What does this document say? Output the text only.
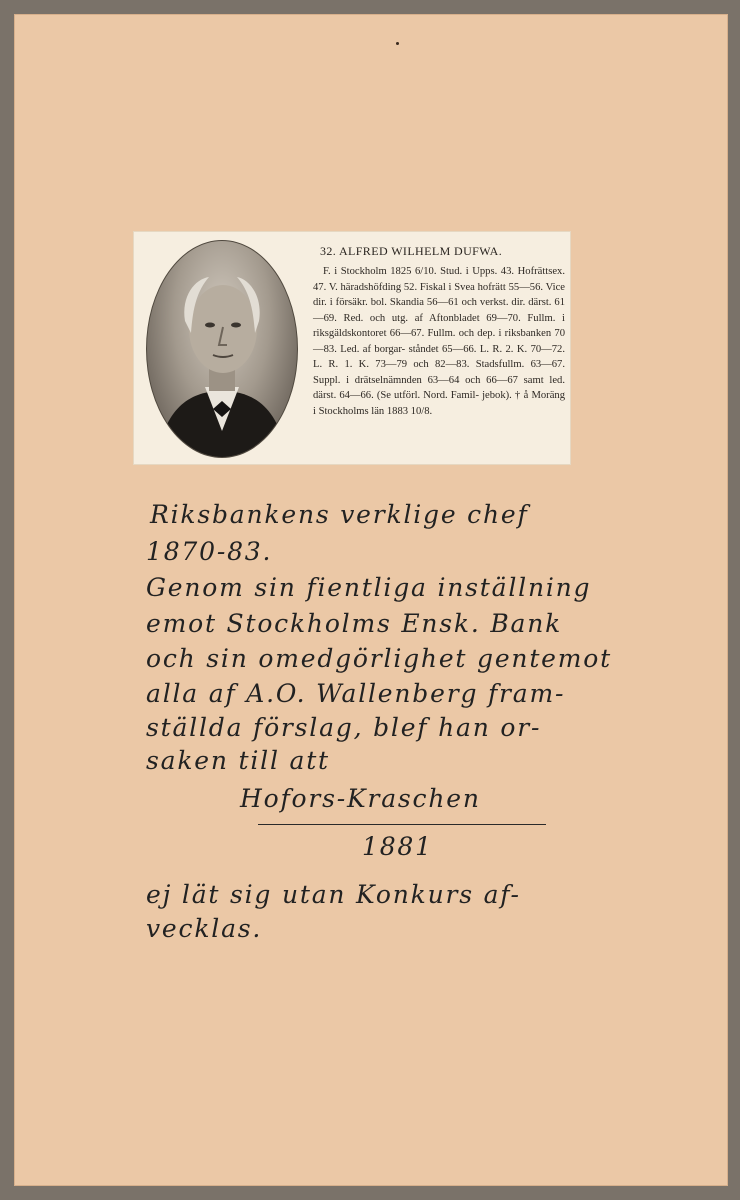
32. ALFRED WILHELM DUFWA.
F. i Stockholm 1825 6/10. Stud. i Upps. 43. Hofrättsex. 47. V. häradshöfding 52. Fiskal i Svea hofrätt 55—56. Vice dir. i försäkr. bol. Skandia 56—61 och verkst. dir. därst. 61—69. Red. och utg. af Aftonbladet 69—70. Fullm. i riksgäldskontoret 66—67. Fullm. och dep. i riksbanken 70—83. Led. af borgar- ståndet 65—66. L. R. 2. K. 70—72. L. R. 1. K. 73—79 och 82—83. Stadsfullm. 63—67. Suppl. i drätselnämnden 63—64 och 66—67 samt led. därst. 64—66. (Se utförl. Nord. Famil- jebok). † å Moräng i Stockholms län 1883 10/8.
Riksbankens verklige chef
1870-83.
Genom sin fientliga inställning
emot Stockholms Ensk. Bank
och sin omedgörlighet gentemot
alla af A.O. Wallenberg fram-
ställda förslag, blef han or-
saken till att
Hofors-Kraschen
1881
ej lät sig utan Konkurs af-
vecklas.
